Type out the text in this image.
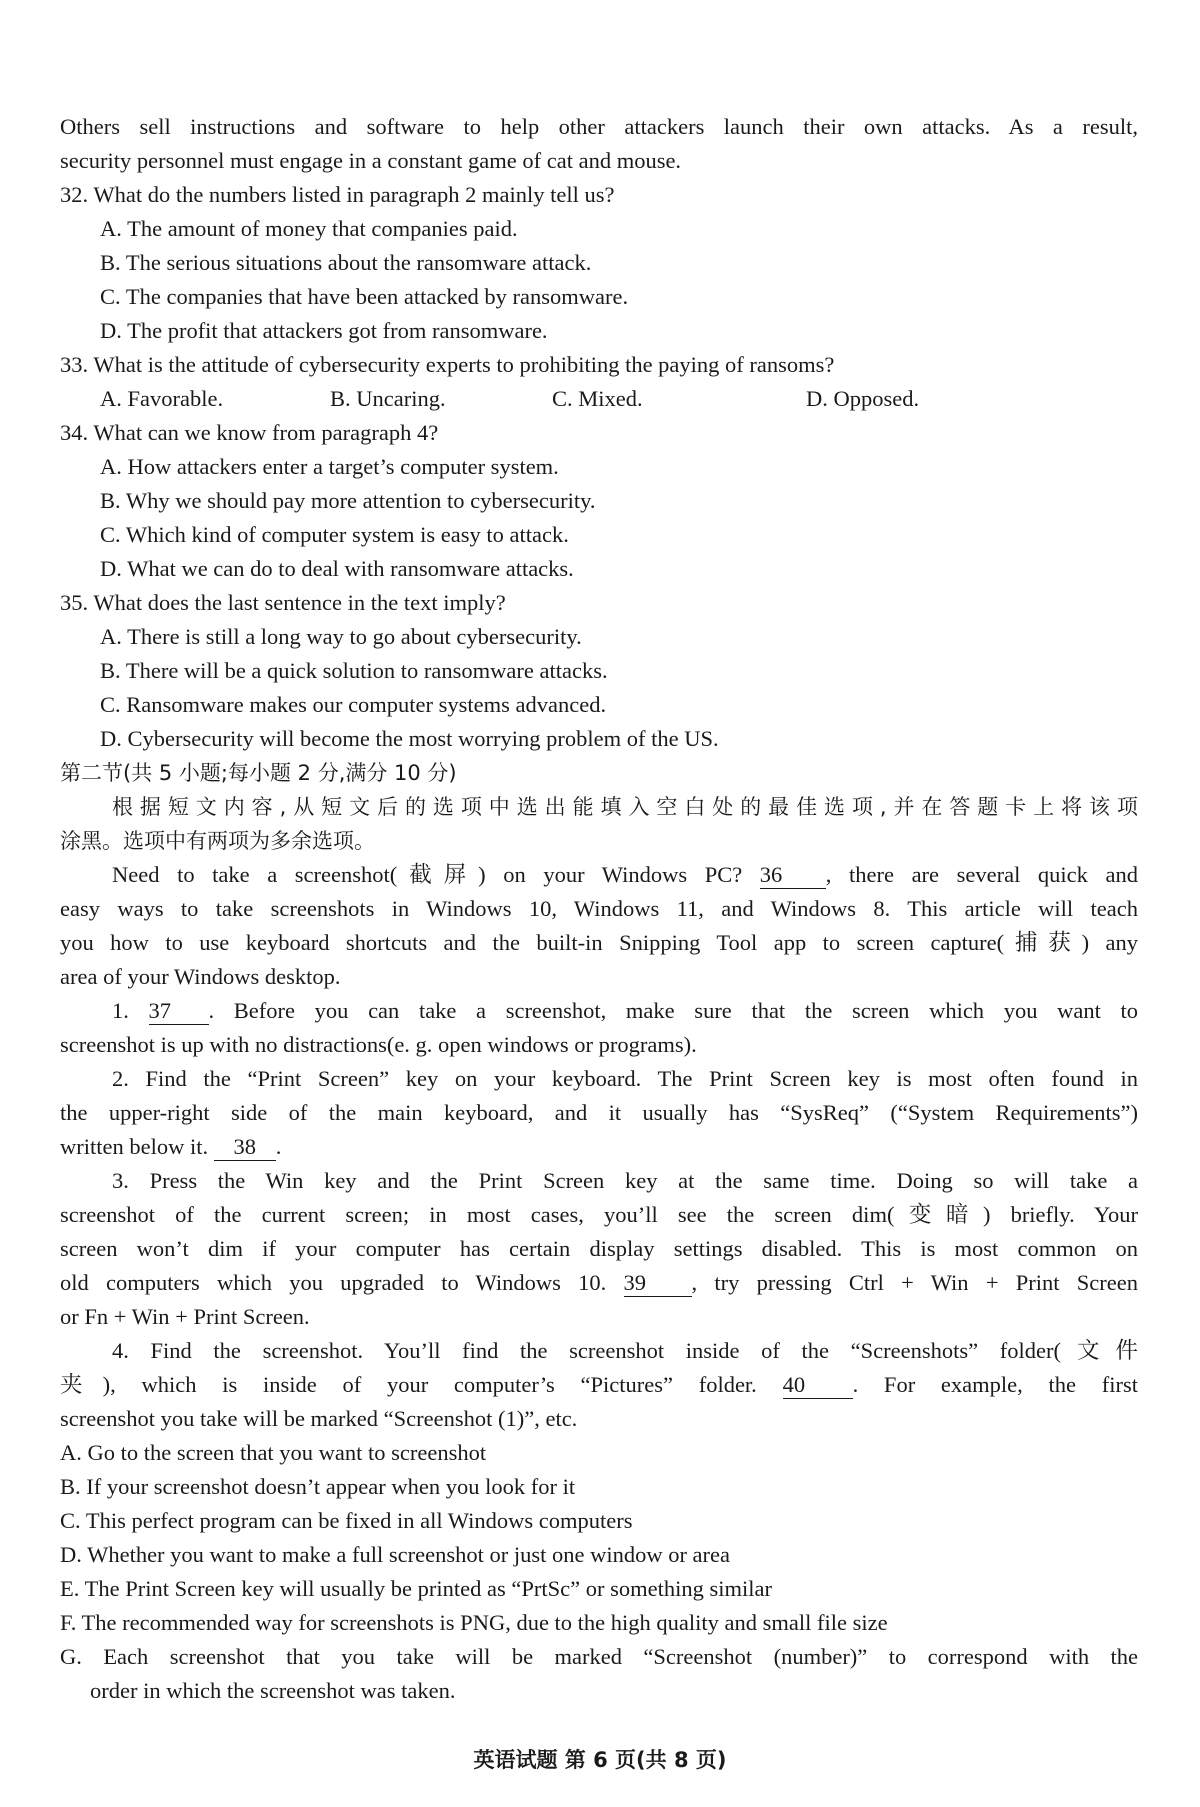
Others sell instructions and software to help other attackers launch their own attacks. As a result,
security personnel must engage in a constant game of cat and mouse.
32. What do the numbers listed in paragraph 2 mainly tell us?
A. The amount of money that companies paid.
B. The serious situations about the ransomware attack.
C. The companies that have been attacked by ransomware.
D. The profit that attackers got from ransomware.
33. What is the attitude of cybersecurity experts to prohibiting the paying of ransoms?
A. Favorable.	B. Uncaring.	C. Mixed.	D. Opposed.
34. What can we know from paragraph 4?
A. How attackers enter a target’s computer system.
B. Why we should pay more attention to cybersecurity.
C. Which kind of computer system is easy to attack.
D. What we can do to deal with ransomware attacks.
35. What does the last sentence in the text imply?
A. There is still a long way to go about cybersecurity.
B. There will be a quick solution to ransomware attacks.
C. Ransomware makes our computer systems advanced.
D. Cybersecurity will become the most worrying problem of the US.
第二节(共 5 小题;每小题 2 分,满分 10 分)
根据短文内容,从短文后的选项中选出能填入空白处的最佳选项,并在答题卡上将该项
涂黑。选项中有两项为多余选项。
Need to take a screenshot(截屏) on your Windows PC? 36 , there are several quick and
easy ways to take screenshots in Windows 10, Windows 11, and Windows 8. This article will teach
you how to use keyboard shortcuts and the built-in Snipping Tool app to screen capture(捕获) any
area of your Windows desktop.
1. 37 . Before you can take a screenshot, make sure that the screen which you want to
screenshot is up with no distractions(e. g. open windows or programs).
2. Find the “Print Screen” key on your keyboard. The Print Screen key is most often found in
the upper-right side of the main keyboard, and it usually has “SysReq” (“System Requirements”)
written below it. 38 .
3. Press the Win key and the Print Screen key at the same time. Doing so will take a
screenshot of the current screen; in most cases, you’ll see the screen dim(变暗) briefly. Your
screen won’t dim if your computer has certain display settings disabled. This is most common on
old computers which you upgraded to Windows 10. 39 , try pressing Ctrl + Win + Print Screen
or Fn + Win + Print Screen.
4. Find the screenshot. You’ll find the screenshot inside of the “Screenshots” folder(文件
夹), which is inside of your computer’s “Pictures” folder. 40 . For example, the first
screenshot you take will be marked “Screenshot (1)”, etc.
A. Go to the screen that you want to screenshot
B. If your screenshot doesn’t appear when you look for it
C. This perfect program can be fixed in all Windows computers
D. Whether you want to make a full screenshot or just one window or area
E. The Print Screen key will usually be printed as “PrtSc” or something similar
F. The recommended way for screenshots is PNG, due to the high quality and small file size
G. Each screenshot that you take will be marked “Screenshot (number)” to correspond with the
order in which the screenshot was taken.
英语试题 第 6 页(共 8 页)
